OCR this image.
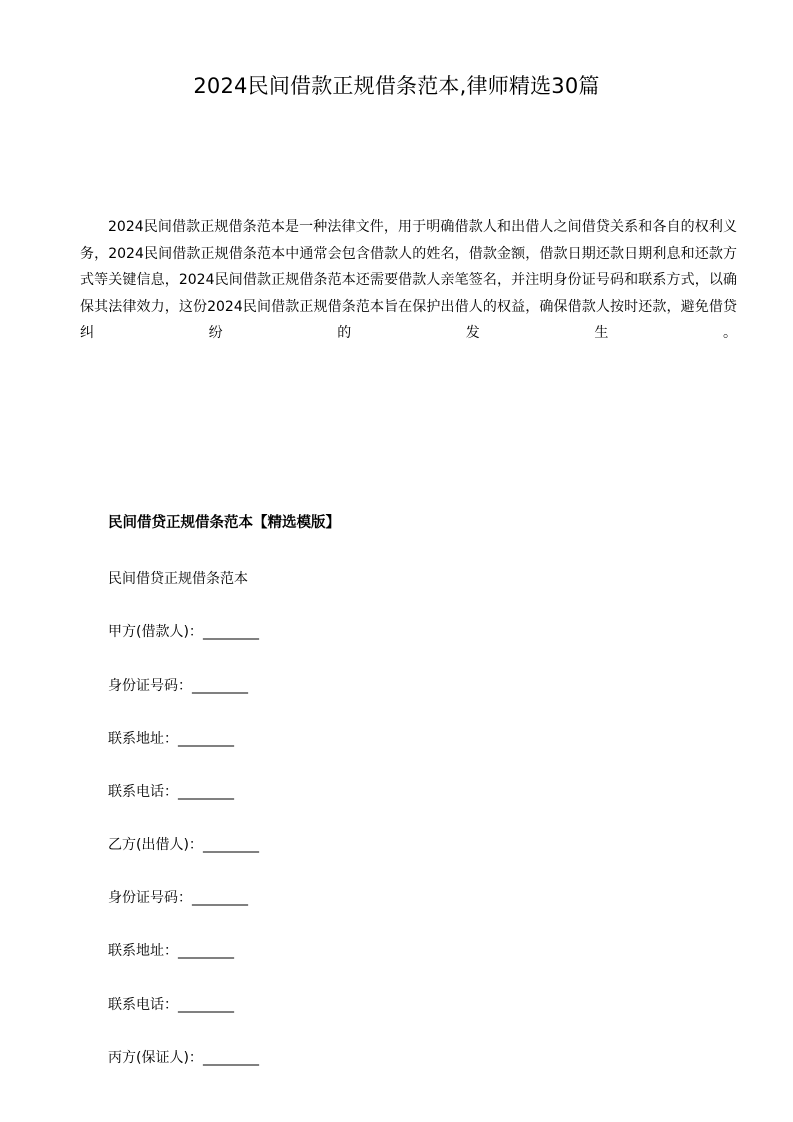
2024民间借款正规借条范本,律师精选30篇

2024民间借款正规借条范本是一种法律文件，用于明确借款人和出借人之间借贷关系和各自的权利义务，2024民间借款正规借条范本中通常会包含借款人的姓名，借款金额，借款日期还款日期利息和还款方式等关键信息，2024民间借款正规借条范本还需要借款人亲笔签名，并注明身份证号码和联系方式，以确保其法律效力，这份2024民间借款正规借条范本旨在保护出借人的权益，确保借款人按时还款，避免借贷纠纷的发生。

民间借贷正规借条范本【精选模版】

民间借贷正规借条范本

甲方(借款人)：________

身份证号码：________

联系地址：________

联系电话：________

乙方(出借人)：________

身份证号码：________

联系地址：________

联系电话：________

丙方(保证人)：________
